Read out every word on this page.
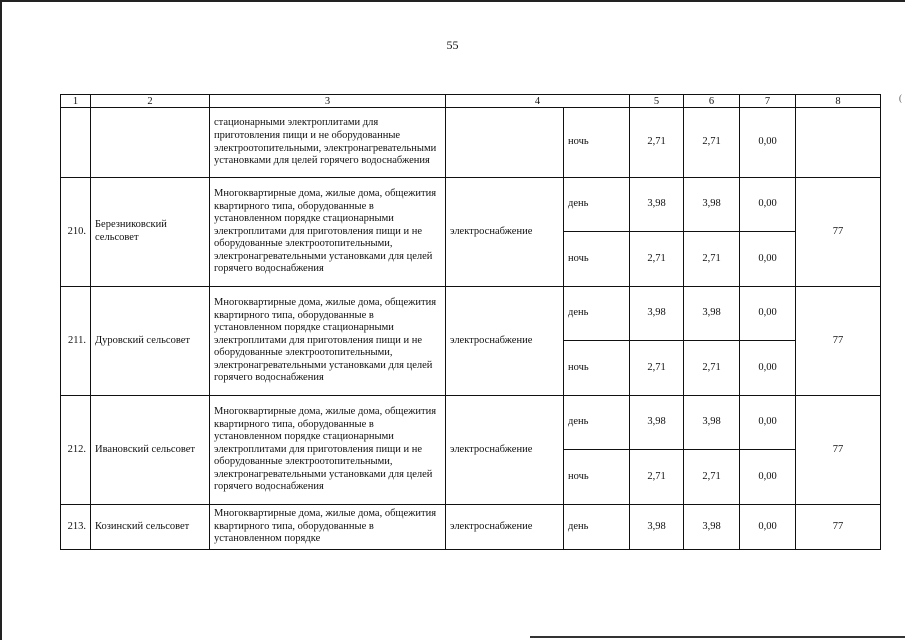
55
(
1	2	3	4		5	6	7	8
		стационарными электроплитами для приготовления пищи и не оборудованные электроотопительными, электронагревательными установками для целей горячего водоснабжения		ночь	2,71	2,71	0,00	
210.	Березниковский сельсовет	Многоквартирные дома, жилые дома, общежития квартирного типа, оборудованные в установленном порядке стационарными электроплитами для приготовления пищи и не оборудованные электроотопительными, электронагревательными установками для целей горячего водоснабжения	электроснабжение	день	3,98	3,98	0,00	77
				ночь	2,71	2,71	0,00	
211.	Дуровский сельсовет	Многоквартирные дома, жилые дома, общежития квартирного типа, оборудованные в установленном порядке стационарными электроплитами для приготовления пищи и не оборудованные электроотопительными, электронагревательными установками для целей горячего водоснабжения	электроснабжение	день	3,98	3,98	0,00	77
				ночь	2,71	2,71	0,00	
212.	Ивановский сельсовет	Многоквартирные дома, жилые дома, общежития квартирного типа, оборудованные в установленном порядке стационарными электроплитами для приготовления пищи и не оборудованные электроотопительными, электронагревательными установками для целей горячего водоснабжения	электроснабжение	день	3,98	3,98	0,00	77
				ночь	2,71	2,71	0,00	
213.	Козинский сельсовет	Многоквартирные дома, жилые дома, общежития квартирного типа, оборудованные в установленном порядке	электроснабжение	день	3,98	3,98	0,00	77
